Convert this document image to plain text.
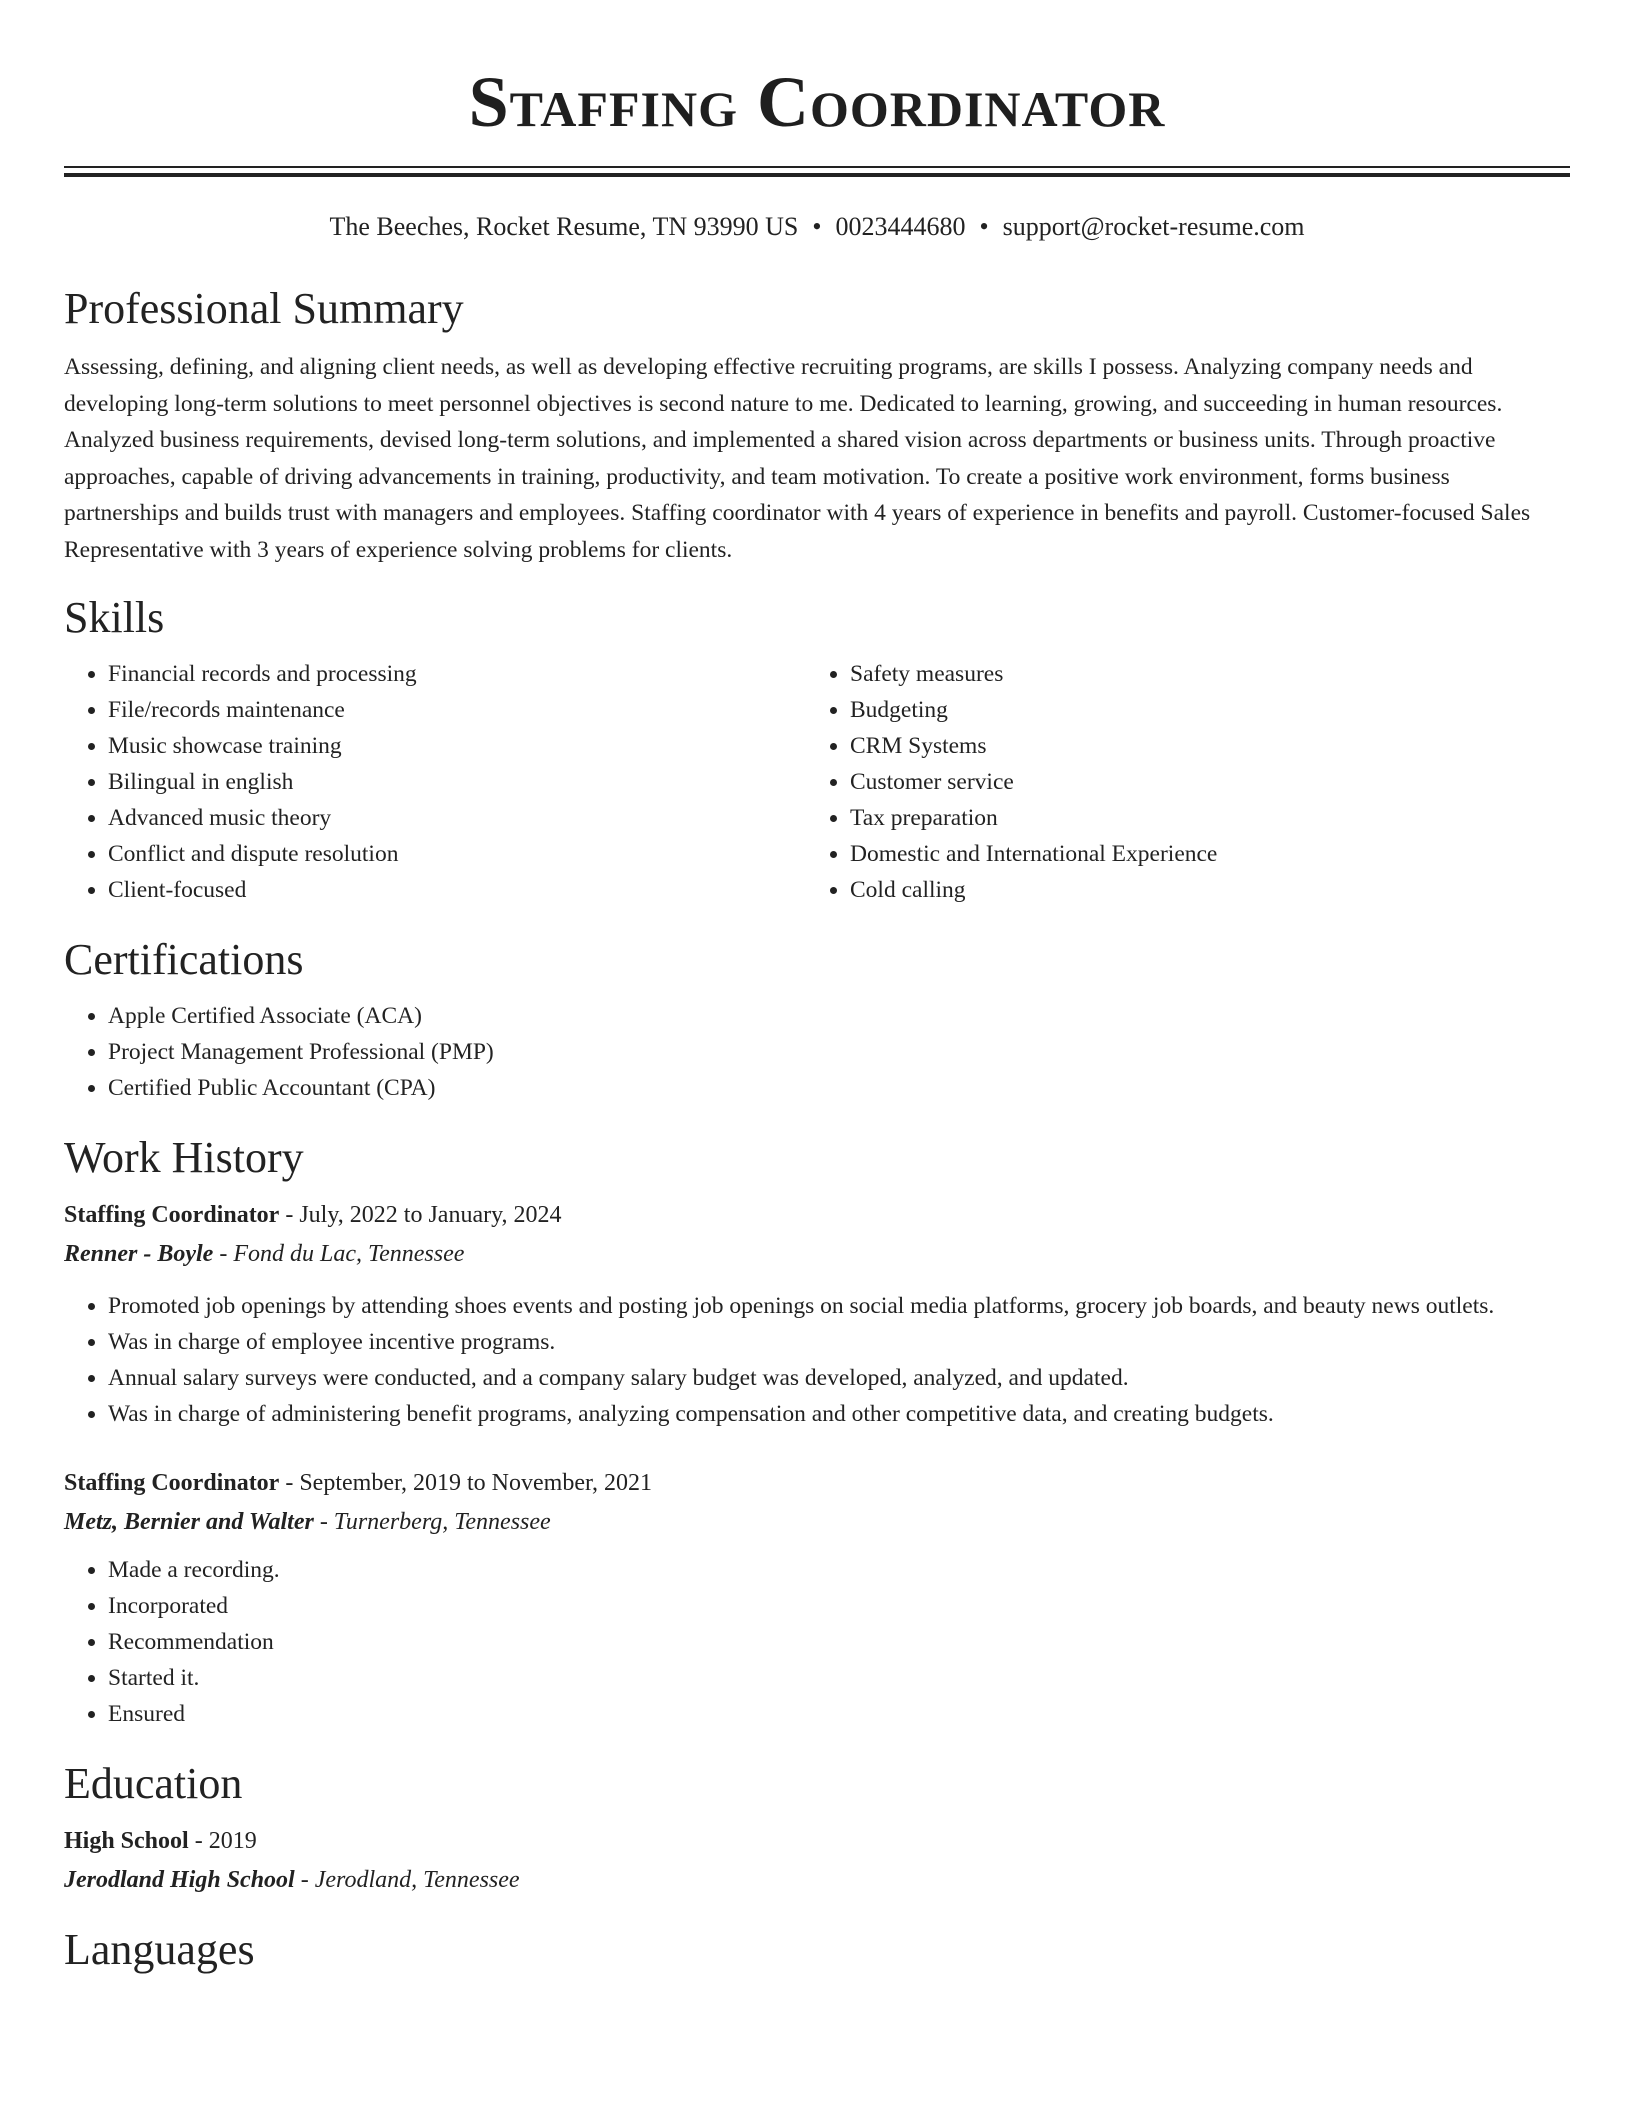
Staffing Coordinator
The Beeches, Rocket Resume, TN 93990 US • 0023444680 • support@rocket-resume.com
Professional Summary

Assessing, defining, and aligning client needs, as well as developing effective recruiting programs, are skills I possess. Analyzing company needs and developing long-term solutions to meet personnel objectives is second nature to me. Dedicated to learning, growing, and succeeding in human resources. Analyzed business requirements, devised long-term solutions, and implemented a shared vision across departments or business units. Through proactive approaches, capable of driving advancements in training, productivity, and team motivation. To create a positive work environment, forms business partnerships and builds trust with managers and employees. Staffing coordinator with 4 years of experience in benefits and payroll. Customer-focused Sales Representative with 3 years of experience solving problems for clients.

Skills
• Financial records and processing
• File/records maintenance
• Music showcase training
• Bilingual in english
• Advanced music theory
• Conflict and dispute resolution
• Client-focused
• Safety measures
• Budgeting
• CRM Systems
• Customer service
• Tax preparation
• Domestic and International Experience
• Cold calling
Certifications
• Apple Certified Associate (ACA)
• Project Management Professional (PMP)
• Certified Public Accountant (CPA)
Work History

Staffing Coordinator - July, 2022 to January, 2024

Renner - Boyle - Fond du Lac, Tennessee

• Promoted job openings by attending shoes events and posting job openings on social media platforms, grocery job boards, and beauty news outlets.
• Was in charge of employee incentive programs.
• Annual salary surveys were conducted, and a company salary budget was developed, analyzed, and updated.
• Was in charge of administering benefit programs, analyzing compensation and other competitive data, and creating budgets.

Staffing Coordinator - September, 2019 to November, 2021

Metz, Bernier and Walter - Turnerberg, Tennessee

• Made a recording.
• Incorporated
• Recommendation
• Started it.
• Ensured
Education

High School - 2019

Jerodland High School - Jerodland, Tennessee

Languages
